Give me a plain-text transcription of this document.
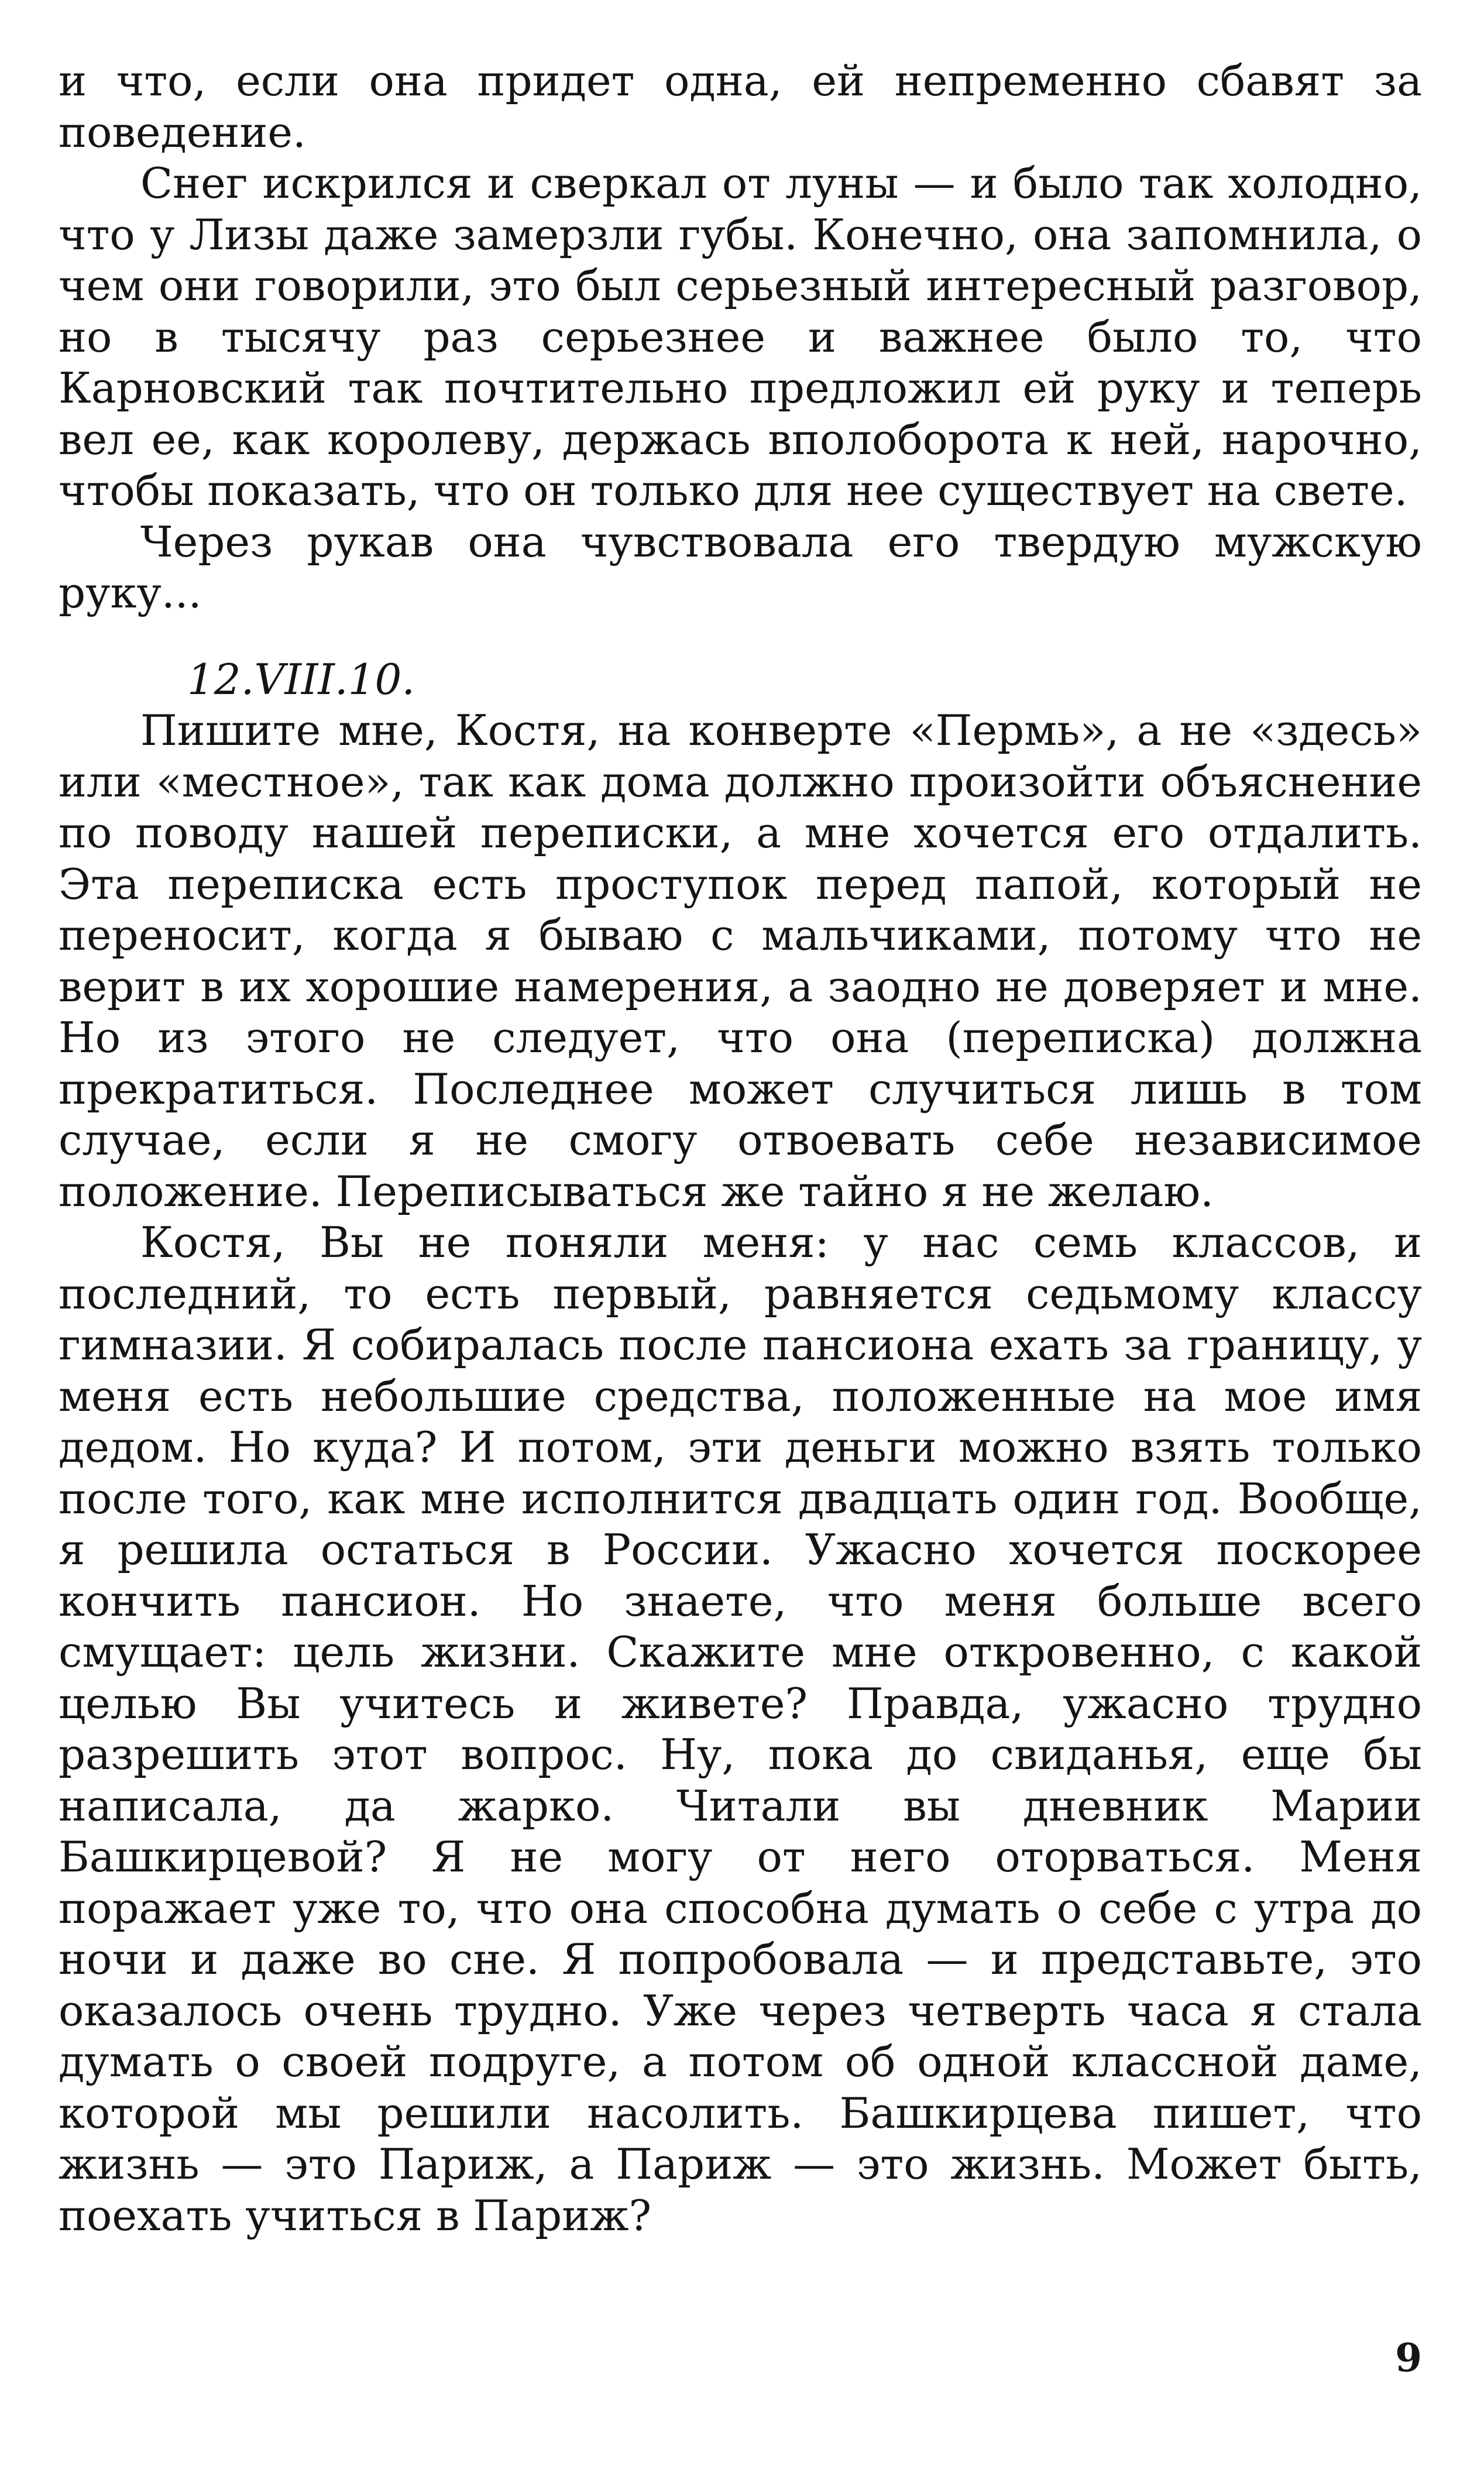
и что, если она придет одна, ей непременно сбавят за поведение.

Снег искрился и сверкал от луны — и было так холодно, что у Лизы даже замерзли губы. Конечно, она запомнила, о чем они говорили, это был серьезный интересный разговор, но в тысячу раз серьезнее и важнее было то, что Карновский так почтительно предложил ей руку и теперь вел ее, как королеву, держась вполоборота к ней, нарочно, чтобы показать, что он только для нее существует на свете.

Через рукав она чувствовала его твердую мужскую руку...

12.VIII.10.

Пишите мне, Костя, на конверте «Пермь», а не «здесь» или «местное», так как дома должно произойти объяснение по поводу нашей переписки, а мне хочется его отдалить. Эта переписка есть проступок перед папой, который не переносит, когда я бываю с мальчиками, потому что не верит в их хорошие намерения, а заодно не доверяет и мне. Но из этого не следует, что она (переписка) должна прекратиться. Последнее может случиться лишь в том случае, если я не смогу отвоевать себе независимое положение. Переписываться же тайно я не желаю.

Костя, Вы не поняли меня: у нас семь классов, и последний, то есть первый, равняется седьмому классу гимназии. Я собиралась после пансиона ехать за границу, у меня есть небольшие средства, положенные на мое имя дедом. Но куда? И потом, эти деньги можно взять только после того, как мне исполнится двадцать один год. Вообще, я решила остаться в России. Ужасно хочется поскорее кончить пансион. Но знаете, что меня больше всего смущает: цель жизни. Скажите мне откровенно, с какой целью Вы учитесь и живете? Правда, ужасно трудно разрешить этот вопрос. Ну, пока до свиданья, еще бы написала, да жарко. Читали вы дневник Марии Башкирцевой? Я не могу от него оторваться. Меня поражает уже то, что она способна думать о себе с утра до ночи и даже во сне. Я попробовала — и представьте, это оказалось очень трудно. Уже через четверть часа я стала думать о своей подруге, а потом об одной классной даме, которой мы решили насолить. Башкирцева пишет, что жизнь — это Париж, а Париж — это жизнь. Может быть, поехать учиться в Париж?

9
